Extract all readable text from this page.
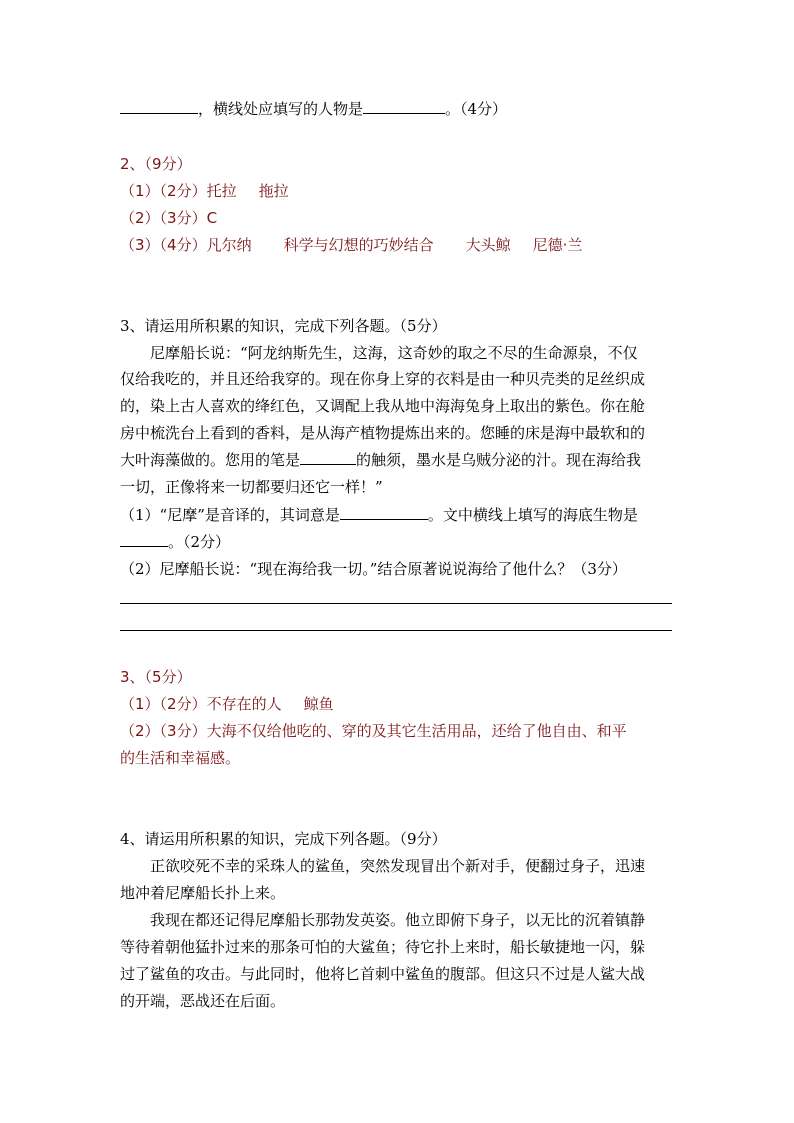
，横线处应填写的人物是	。（4分）
2、（9分）
（1）（2分）托拉 拖拉
（2）（3分）C
（3）（4分）凡尔纳 科学与幻想的巧妙结合 大头鲸 尼德·兰
3、请运用所积累的知识，完成下列各题。（5分）
尼摩船长说：“阿龙纳斯先生，这海，这奇妙的取之不尽的生命源泉，不仅
仅给我吃的，并且还给我穿的。现在你身上穿的衣料是由一种贝壳类的足丝织成
的，染上古人喜欢的绛红色，又调配上我从地中海海兔身上取出的紫色。你在舱
房中梳洗台上看到的香料，是从海产植物提炼出来的。您睡的床是海中最软和的
大叶海藻做的。您用的笔是	的触须，墨水是乌贼分泌的汁。现在海给我
一切，正像将来一切都要归还它一样！”
（1）“尼摩”是音译的，其词意是	。文中横线上填写的海底生物是
。（2分）
（2）尼摩船长说：“现在海给我一切。”结合原著说说海给了他什么？（3分）
3、（5分）
（1）（2分）不存在的人 鲸鱼
（2）（3分）大海不仅给他吃的、穿的及其它生活用品，还给了他自由、和平
的生活和幸福感。
4、请运用所积累的知识，完成下列各题。（9分）
正欲咬死不幸的采珠人的鲨鱼，突然发现冒出个新对手，便翻过身子，迅速
地冲着尼摩船长扑上来。
我现在都还记得尼摩船长那勃发英姿。他立即俯下身子，以无比的沉着镇静
等待着朝他猛扑过来的那条可怕的大鲨鱼；待它扑上来时，船长敏捷地一闪，躲
过了鲨鱼的攻击。与此同时，他将匕首刺中鲨鱼的腹部。但这只不过是人鲨大战
的开端，恶战还在后面。
